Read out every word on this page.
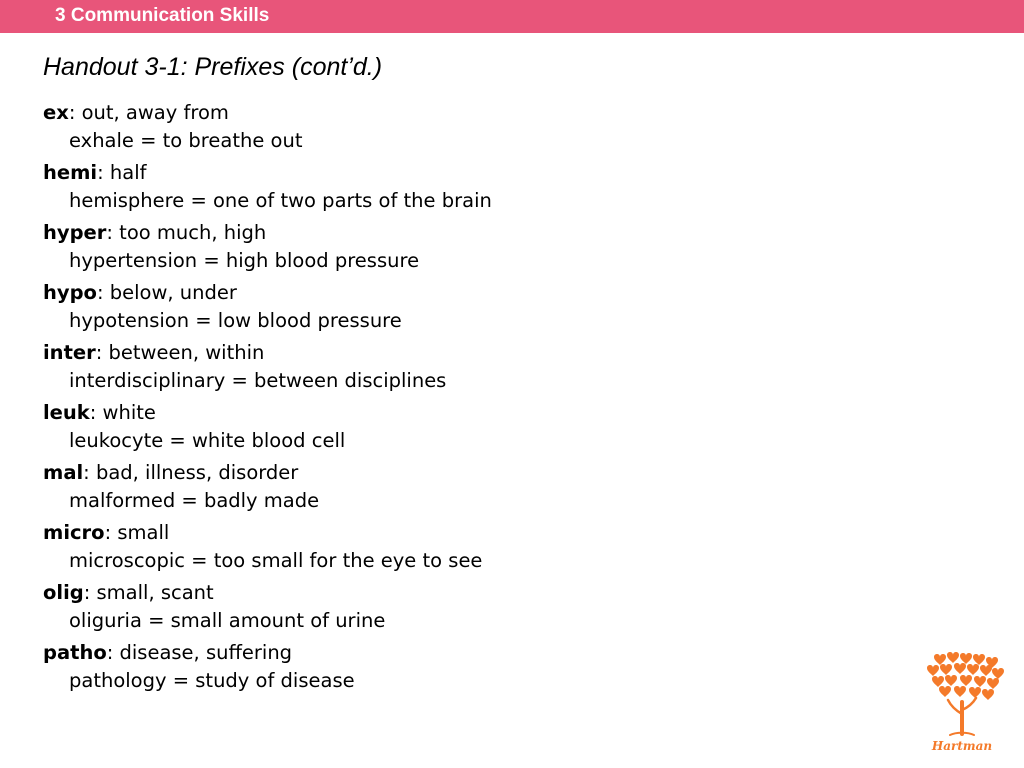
3 Communication Skills
Handout 3-1: Prefixes (cont’d.)
ex: out, away from
exhale = to breathe out
hemi: half
hemisphere = one of two parts of the brain
hyper: too much, high
hypertension = high blood pressure
hypo: below, under
hypotension = low blood pressure
inter: between, within
interdisciplinary = between disciplines
leuk: white
leukocyte = white blood cell
mal: bad, illness, disorder
malformed = badly made
micro: small
microscopic = too small for the eye to see
olig: small, scant
oliguria = small amount of urine
patho: disease, suffering
pathology = study of disease
Hartman
